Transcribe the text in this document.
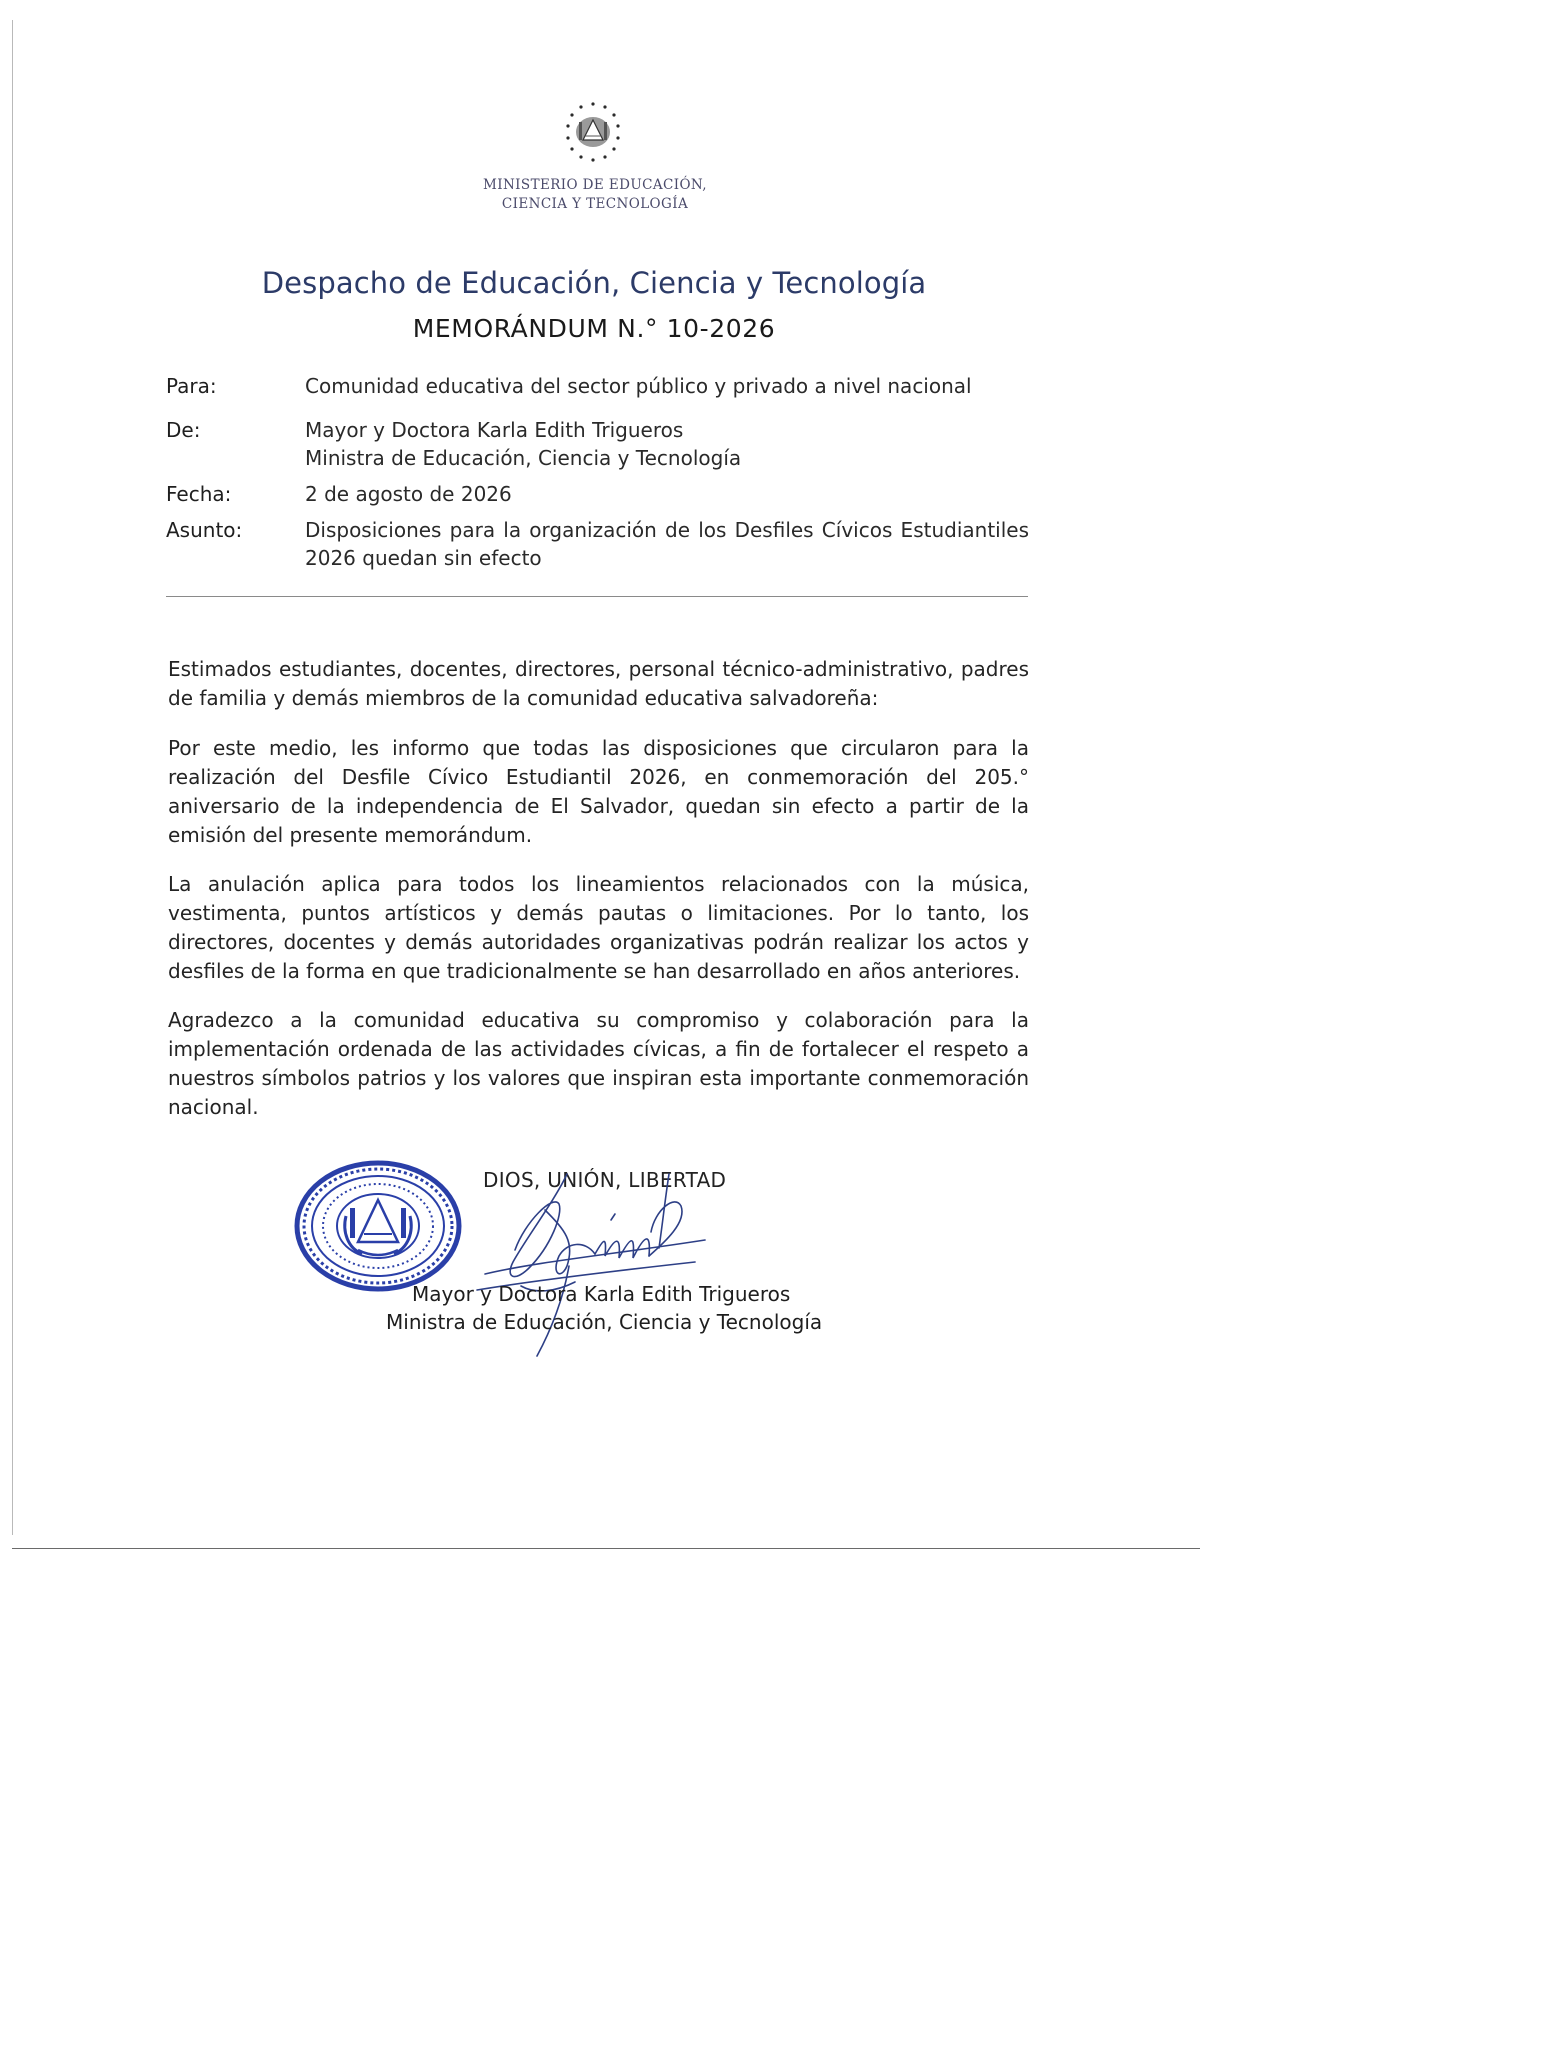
MINISTERIO DE EDUCACIÓN,
CIENCIA Y TECNOLOGÍA
Despacho de Educación, Ciencia y Tecnología
MEMORÁNDUM N.° 10-2026
Para:	Comunidad educativa del sector público y privado a nivel nacional
De:	Mayor y Doctora Karla Edith Trigueros
Ministra de Educación, Ciencia y Tecnología
Fecha:	2 de agosto de 2026
Asunto:	Disposiciones para la organización de los Desfiles Cívicos Estudiantiles 2026 quedan sin efecto

Estimados estudiantes, docentes, directores, personal técnico-administrativo, padres de familia y demás miembros de la comunidad educativa salvadoreña:

Por este medio, les informo que todas las disposiciones que circularon para la realización del Desfile Cívico Estudiantil 2026, en conmemoración del 205.° aniversario de la independencia de El Salvador, quedan sin efecto a partir de la emisión del presente memorándum.

La anulación aplica para todos los lineamientos relacionados con la música, vestimenta, puntos artísticos y demás pautas o limitaciones. Por lo tanto, los directores, docentes y demás autoridades organizativas podrán realizar los actos y desfiles de la forma en que tradicionalmente se han desarrollado en años anteriores.

Agradezco a la comunidad educativa su compromiso y colaboración para la implementación ordenada de las actividades cívicas, a fin de fortalecer el respeto a nuestros símbolos patrios y los valores que inspiran esta importante conmemoración nacional.

DIOS, UNIÓN, LIBERTAD
Mayor y Doctora Karla Edith Trigueros
Ministra de Educación, Ciencia y Tecnología
